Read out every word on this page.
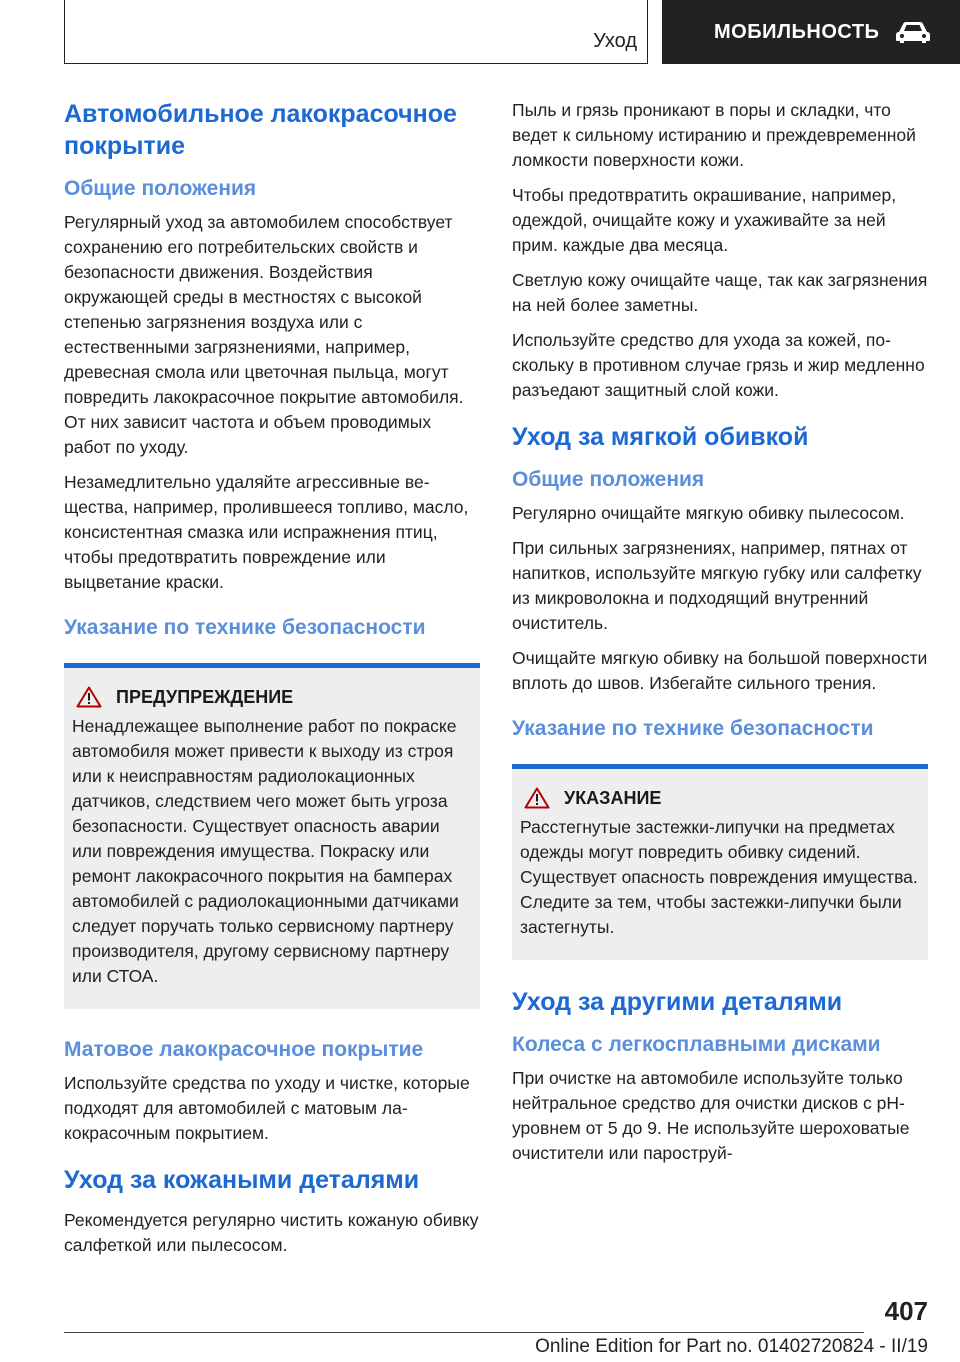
Уход	МОБИЛЬНОСТЬ
Автомобильное лакокрасочное покрытие
Общие положения

Регулярный уход за автомобилем способствует сохранению его потребительских свойств и безопасности движения. Воздействия окружающей среды в местностях с высокой степенью загрязнения воздуха или с естественными загрязнениями, например, древесная смола или цветочная пыльца, могут повредить лакокрасочное покрытие автомобиля. От них зависит частота и объем проводимых работ по уходу.

Незамедлительно удаляйте агрессивные вещества, например, пролившееся топливо, масло, консистентная смазка или испражнения птиц, чтобы предотвратить повреждение или выцветание краски.

Указание по технике безопасности
ПРЕДУПРЕЖДЕНИЕ

Ненадлежащее выполнение работ по покраске автомобиля может привести к выходу из строя или к неисправностям радиолокационных датчиков, следствием чего может быть угроза безопасности. Существует опасность аварии или повреждения имущества. Покраску или ремонт лакокрасочного покрытия на бамперах автомобилей с радиолокационными датчиками следует поручать только сервисному партнеру производителя, другому сервисному партнеру или СТОА.

Матовое лакокрасочное покрытие

Используйте средства по уходу и чистке, которые подходят для автомобилей с матовым лакокрасочным покрытием.

Уход за кожаными деталями

Рекомендуется регулярно чистить кожаную обивку салфеткой или пылесосом.

Пыль и грязь проникают в поры и складки, что ведет к сильному истиранию и преждевременной ломкости поверхности кожи.

Чтобы предотвратить окрашивание, например, одеждой, очищайте кожу и ухаживайте за ней прим. каждые два месяца.

Светлую кожу очищайте чаще, так как загрязнения на ней более заметны.

Используйте средство для ухода за кожей, поскольку в противном случае грязь и жир медленно разъедают защитный слой кожи.

Уход за мягкой обивкой
Общие положения

Регулярно очищайте мягкую обивку пылесосом.

При сильных загрязнениях, например, пятнах от напитков, используйте мягкую губку или салфетку из микроволокна и подходящий внутренний очиститель.

Очищайте мягкую обивку на большой поверхности вплоть до швов. Избегайте сильного трения.

Указание по технике безопасности
УКАЗАНИЕ

Расстегнутые застежки-липучки на предметах одежды могут повредить обивку сидений. Существует опасность повреждения имущества. Следите за тем, чтобы застежки-липучки были застегнуты.

Уход за другими деталями
Колеса с легкосплавными дисками

При очистке на автомобиле используйте только нейтральное средство для очистки дисков с pH-уровнем от 5 до 9. Не используйте шероховатые очистители или пароструй-

407
Online Edition for Part no. 01402720824 - II/19
